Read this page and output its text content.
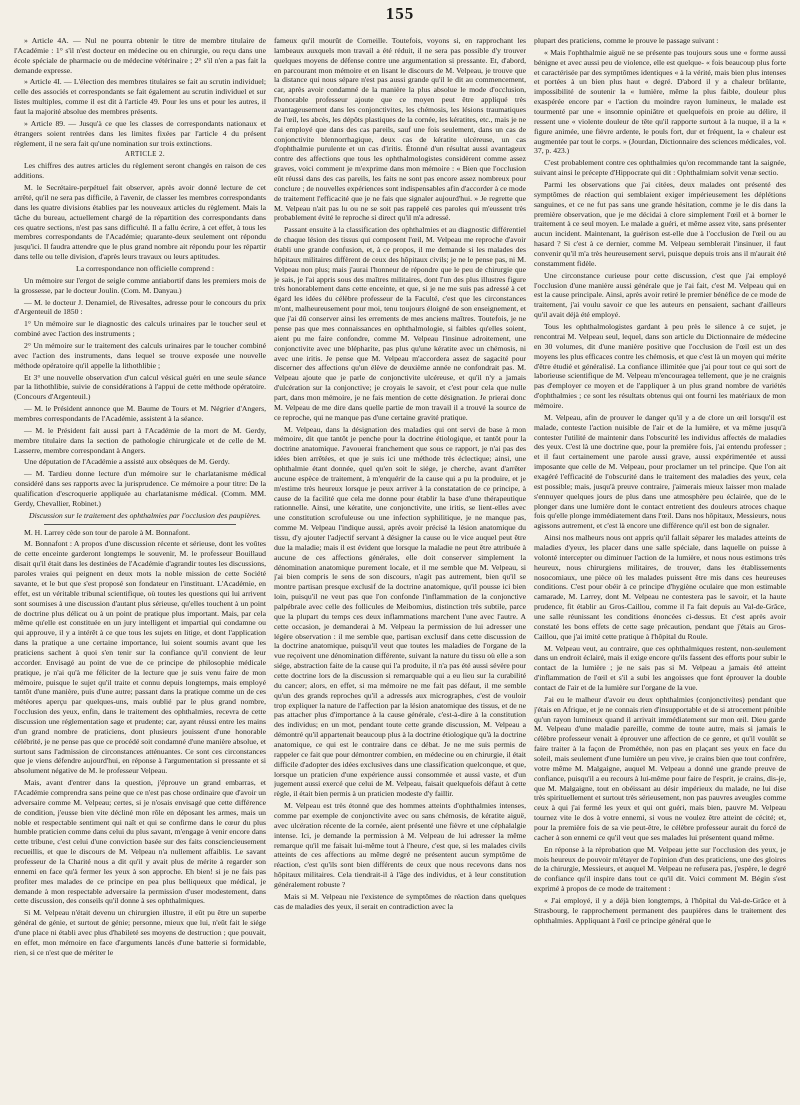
155

» Article 4A. — Nul ne pourra obtenir le titre de membre titulaire de l'Académie : 1° s'il n'est docteur en médecine ou en chirurgie, ou reçu dans une école spéciale de pharmacie ou de médecine vétérinaire ; 2° s'il n'en a pas fait la demande expresse.

» Article 4I. — L'élection des membres titulaires se fait au scrutin individuel; celle des associés et correspondants se fait également au scrutin individuel et sur listes multiples, comme il est dit à l'article 49. Pour les uns et pour les autres, il faut la majorité absolue des membres présents.

» Article 89. — Jusqu'à ce que les classes de correspondants nationaux et étrangers soient rentrées dans les limites fixées par l'article 4 du présent règlement, il ne sera fait qu'une nomination sur trois extinctions.

ARTICLE 2.

Les chiffres des autres articles du règlement seront changés en raison de ces additions.

M. le Secrétaire-perpétuel fait observer, après avoir donné lecture de cet arrêté, qu'il ne sera pas difficile, à l'avenir, de classer les membres correspondants dans les quatre divisions établies par les nouveaux articles du règlement. Mais la tâche du bureau, actuellement chargé de la répartition des correspondants dans ces quatre sections, n'est pas sans difficulté. Il a fallu écrire, à cet effet, à tous les membres correspondants de l'Académie; quarante-deux seulement ont répondu jusqu'ici. Il faudra attendre que le plus grand nombre ait répondu pour les répartir dans telle ou telle division, d'après leurs travaux ou leurs aptitudes.

La correspondance non officielle comprend :

Un mémoire sur l'ergot de seigle comme antiabortif dans les premiers mois de la grossesse, par le docteur Joulin. (Com. M. Danyau.)

— M. le docteur J. Denamiel, de Rivesaltes, adresse pour le concours du prix d'Argenteuil de 1850 :

1° Un mémoire sur le diagnostic des calculs urinaires par le toucher seul et combiné avec l'action des instruments ;

2° Un mémoire sur le traitement des calculs urinaires par le toucher combiné avec l'action des instruments, dans lequel se trouve exposée une nouvelle méthode opératoire qu'il appelle la lithothlibie ;

Et 3° une nouvelle observation d'un calcul vésical guéri en une seule séance par la lithothlibie, suivie de considérations à l'appui de cette méthode opératoire. (Concours d'Argenteuil.)

— M. le Président annonce que M. Baume de Tours et M. Négrier d'Angers, membres correspondants de l'Académie, assistent à la séance.

— M. le Président fait aussi part à l'Académie de la mort de M. Gerdy, membre titulaire dans la section de pathologie chirurgicale et de celle de M. Lasserre, membre correspondant à Angers.

Une députation de l'Académie a assisté aux obsèques de M. Gerdy.

— M. Tardieu donne lecture d'un mémoire sur le charlatanisme médical considéré dans ses rapports avec la jurisprudence. Ce mémoire a pour titre: De la qualification d'escroquerie appliquée au charlatanisme médical. (Comm. MM. Gerdy, Chevallier, Robinet.)

Discussion sur le traitement des ophthalmies par l'occlusion des paupières.

M. H. Larrey cède son tour de parole à M. Bonnafont.

M. Bonnafont : A propos d'une discussion récente et sérieuse, dont les voûtes de cette enceinte garderont longtemps le souvenir, M. le professeur Bouillaud disait qu'il était dans les destinées de l'Académie d'agrandir toutes les discussions, paroles vraies qui peignent en deux mots la noble mission de cette Société savante, et le but que s'est proposé son fondateur en l'instituant. L'Académie, en effet, est un véritable tribunal scientifique, où toutes les questions qui lui arrivent sont soumises à une discussion d'autant plus sérieuse, qu'elles touchent à un point de doctrine plus délicat ou à un point de pratique plus important. Mais, par cela même qu'elle est constituée en un jury intelligent et impartial qui condamne ou qui approuve, il y a intérêt à ce que tous les sujets en litige, et dont l'application dans la pratique a une certaine importance, lui soient soumis avant que les praticiens sachent à quoi s'en tenir sur la confiance qu'il convient de leur accorder. Envisagé au point de vue de ce principe de philosophie médicale pratique, je n'ai qu'à me féliciter de la lecture que je suis venu faire de mon mémoire, puisque le sujet qu'il traite et connu depuis longtemps, mais employé tantôt d'une manière, puis d'une autre; passant dans la pratique comme un de ces météores aperçu par quelques-uns, mais oublié par le plus grand nombre, l'occlusion des yeux, enfin, dans le traitement des ophthalmies, recevra de cette discussion une réglementation sage et prudente; car, ayant réussi entre les mains d'un grand nombre de praticiens, dont plusieurs jouissent d'une honorable célébrité, je ne pense pas que ce procédé soit condamné d'une manière absolue, et surtout sans l'admission de circonstances atténuantes. Ce sont ces circonstances que je viens défendre aujourd'hui, en réponse à l'argumentation si pressante et si absolument négative de M. le professeur Velpeau.

Mais, avant d'entrer dans la question, j'éprouve un grand embarras, et l'Académie comprendra sans peine que ce n'est pas chose ordinaire que d'avoir un adversaire comme M. Velpeau; certes, si je n'osais envisagé que cette différence de condition, j'eusse bien vite décliné mon rôle en déposant les armes, mais un noble et respectable sentiment qui naît et qui se confirme dans le cœur du plus humble praticien comme dans celui du plus savant, m'engage à venir encore dans cette tribune, c'est celui d'une conviction basée sur des faits consciencieusement recueillis, et que le discours de M. Velpeau n'a nullement affaiblis. Le savant professeur de la Charité nous a dit qu'il y avait plus de mérite à regarder son ennemi en face qu'à fermer les yeux à son approche. Eh bien! si je ne fais pas profiter mes malades de ce principe en pea plus belliqueux que médical, je demande à mon respectable adversaire la permission d'user modestement, dans cette discussion, des conseils qu'il donne à ses ophthalmiques.

Si M. Velpeau n'était devenu un chirurgien illustre, il eût pu être un superbe général de génie, et surtout de génie; personne, mieux que lui, n'eût fait le siége d'une place ni établi avec plus d'habileté ses moyens de destruction ; que pouvait, en effet, mon mémoire en face d'arguments lancés d'une batterie si formidable, rien, si ce n'est que de mériter le

fameux qu'il mourût de Corneille. Toutefois, voyons si, en rapprochant les lambeaux auxquels mon travail a été réduit, il ne sera pas possible d'y trouver quelques moyens de défense contre une argumentation si pressante. Et, d'abord, en parcourant mon mémoire et en lisant le discours de M. Velpeau, je trouve que la distance qui nous sépare n'est pas aussi grande qu'il le dit au commencement, car, après avoir condamné de la manière la plus absolue le mode d'occlusion, l'honorable professeur ajoute que ce moyen peut être appliqué très avantageusement dans les conjonctivites, les chémosis, les lésions traumatiques de l'œil, les abcès, les dépôts plastiques de la cornée, les kératites, etc., mais je ne l'ai employé que dans des cas pareils, sauf une fois seulement, dans un cas de conjonctivite blennorrhagique, deux cas de kératite ulcéreuse, un cas d'ophthalmie purulente et un cas d'iritis. Étonné d'un résultat aussi avantageux contre des affections que tous les ophthalmologistes considèrent comme assez graves, voici comment je m'exprime dans mon mémoire : « Bien que l'occlusion eût réussi dans des cas pareils, les faits ne sont pas encore assez nombreux pour conclure ; de nouvelles expériences sont indispensables afin d'accorder à ce mode de traitement l'efficacité que je ne fais que signaler aujourd'hui. » Je regrette que M. Velpeau n'ait pas lu ou ne se soit pas rappelé ces paroles qui m'eussent très probablement évité le reproche si direct qu'il m'a adressé.

Passant ensuite à la classification des ophthalmies et au diagnostic différentiel de chaque lésion des tissus qui composent l'œil, M. Velpeau me reproche d'avoir établi une grande confusion, et, à ce propos, il me demande si les malades des hôpitaux militaires diffèrent de ceux des hôpitaux civils; je ne le pense pas, ni M. Velpeau non plus; mais j'aurai l'honneur de répondre que le peu de chirurgie que je sais, je l'ai appris sous des maîtres militaires, dont l'un des plus illustres figure très honorablement dans cette enceinte, et que, si je ne me suis pas adressé à cet égard les idées du célèbre professeur de la Faculté, c'est que les circonstances m'ont, malheureusement pour moi, tenu toujours éloigné de son enseignement, et que j'ai dû conserver ainsi les errements de mes anciens maîtres. Toutefois, je ne pense pas que mes connaissances en ophthalmologie, si faibles qu'elles soient, aient pu me faire confondre, comme M. Velpeau l'insinue adroitement, une conjonctivite avec une blépharite, pas plus qu'une kératite avec un chémosis, ni avec une iritis. Je pense que M. Velpeau m'accordera assez de sagacité pour discerner des affections qu'un élève de deuxième année ne confondrait pas. M. Velpeau ajoute que je parle de conjonctivite ulcéreuse, et qu'il n'y a jamais d'ulcération sur la conjonctive; je croyais le savoir, et c'est pour cela que nulle part, dans mon mémoire, je ne fais mention de cette désignation. Je prierai donc M. Velpeau de me dire dans quelle partie de mon travail il a trouvé la source de ce reproche, qui ne manque pas d'une certaine gravité pratique.

M. Velpeau, dans la désignation des maladies qui ont servi de base à mon mémoire, dit que tantôt je penche pour la doctrine étiologique, et tantôt pour la doctrine anatomique. J'avouerai franchement que sous ce rapport, je n'ai pas des idées bien arrêtées, et que je suis ici une méthode très éclectique; ainsi, une ophthalmie étant donnée, quel qu'en soit le siége, je cherche, avant d'arrêter aucune espèce de traitement, à m'enquérir de la cause qui a pu la produire, et je m'estime très heureux lorsque je peux arriver à la constatation de ce principe, à cause de la facilité que cela me donne pour établir la base d'une thérapeutique rationnelle. Ainsi, une kératite, une conjonctivite, une iritis, se lient-elles avec une constitution scrofuleuse ou une infection syphilitique, je ne manque pas, comme M. Velpeau l'indique aussi, après avoir précisé la lésion anatomique du tissu, d'y ajouter l'adjectif servant à désigner la cause ou le vice auquel peut être due la maladie; mais il est évident que lorsque la maladie ne peut être attribuée à aucune de ces affections générales, elle doit conserver simplement la dénomination anatomique purement locale, et il me semble que M. Velpeau, si j'ai bien compris le sens de son discours, n'agit pas autrement, bien qu'il se montre partisan presque exclusif de la doctrine anatomique, qu'il pousse ici bien loin, puisqu'il ne veut pas que l'on confonde l'inflammation de la conjonctive palpébrale avec celle des follicules de Meibomius, distinction très subtile, parce que la plupart du temps ces deux inflammations marchent l'une avec l'autre. A cette occasion, je demanderai à M. Velpeau la permission de lui adresser une légère observation : il me semble que, partisan exclusif dans cette discussion de la doctrine anatomique, puisqu'il veut que toutes les maladies de l'organe de la vue reçoivent une dénomination différente, suivant la nature du tissu où elle a son siége, abstraction faite de la cause qui l'a produite, il n'a pas été aussi sévère pour cette doctrine lors de la discussion si remarquable qui a eu lieu sur la curabilité du cancer; alors, en effet, si ma mémoire ne me fait pas défaut, il me semble qu'un des grands reproches qu'il a adressés aux micrographes, c'est de vouloir trop expliquer la nature de l'affection par la lésion anatomique des tissus, et de ne pas attacher plus d'importance à la cause générale, c'est-à-dire à la constitution des individus; en un mot, pendant toute cette grande discussion, M. Velpeau a démontré qu'il appartenait beaucoup plus à la doctrine étiologique qu'à la doctrine anatomique, ce qui est le contraire dans ce débat. Je ne me suis permis de rappeler ce fait que pour démontrer combien, en médecine ou en chirurgie, il était difficile d'adopter des idées exclusives dans une classification quelconque, et que, lorsque un praticien d'une expérience aussi consommée et aussi vaste, et d'un jugement aussi exercé que celui de M. Velpeau, faisait quelquefois défaut à cette règle, il était bien permis à un praticien modeste d'y faillir.

M. Velpeau est très étonné que des hommes atteints d'ophthalmies intenses, comme par exemple de conjonctivite avec ou sans chémosis, de kératite aiguë, avec ulcération récente de la cornée, aient présenté une fièvre et une céphalalgie intense. Ici, je demande la permission à M. Velpeau de lui adresser la même remarque qu'il me faisait lui-même tout à l'heure, c'est que, si les malades civils atteints de ces affections au même degré ne présentent aucun symptôme de réaction, c'est qu'ils sont bien différents de ceux que nous recevons dans nos hôpitaux militaires. Cela tiendrait-il à l'âge des individus, et à leur constitution généralement robuste ?

Mais si M. Velpeau nie l'existence de symptômes de réaction dans quelques cas de maladies des yeux, il serait en contradiction avec la

plupart des praticiens, comme le prouve le passage suivant :

« Mais l'ophthalmie aiguë ne se présente pas toujours sous une « forme aussi bénigne et avec aussi peu de violence, elle est quelque- « fois beaucoup plus forte et caractérisée par des symptômes identiques « à la vérité, mais bien plus intenses et portées à un bien plus haut « degré. D'abord il y a chaleur brûlante, impossibilité de soutenir la « lumière, même la plus faible, douleur plus exaspérée encore par « l'action du moindre rayon lumineux, le malade est tourmenté par une « insomnie opiniâtre et quelquefois en proie au délire, il ressent une « violente douleur de tête qu'il rapporte surtout à la nuque, il a la « figure animée, une fièvre ardente, le pouls fort, dur et fréquent, la « chaleur est augmentée par tout le corps. » (Jourdan, Dictionnaire des sciences médicales, vol. 37, p. 423.)

C'est probablement contre ces ophthalmies qu'on recommande tant la saignée, suivant ainsi le précepte d'Hippocrate qui dit : Ophthalmiam solvit venæ sectio.

Parmi les observations que j'ai citées, deux malades ont présenté des symptômes de réaction qui semblaient exiger impérieusement les déplétions sanguines, et ce ne fut pas sans une grande hésitation, comme je le dis dans la première observation, que je me décidai à clore simplement l'œil et à borner le traitement à ce seul moyen. Le malade a guéri, et même assez vite, sans présenter aucun incident. Maintenant, la guérison est-elle due à l'occlusion de l'œil ou au hasard ? Si c'est à ce dernier, comme M. Velpeau semblerait l'insinuer, il faut convenir qu'il m'a très heureusement servi, puisque depuis trois ans il m'aurait été constamment fidèle.

Une circonstance curieuse pour cette discussion, c'est que j'ai employé l'occlusion d'une manière aussi générale que je l'ai fait, c'est M. Velpeau qui en est la cause principale. Ainsi, après avoir retiré le premier bénéfice de ce mode de traitement, j'ai voulu savoir ce que les auteurs en pensaient, sachant d'ailleurs qu'il avait déjà été employé.

Tous les ophthalmologistes gardant à peu près le silence à ce sujet, je rencontrai M. Velpeau seul, lequel, dans son article du Dictionnaire de médecine en 30 volumes, dit d'une manière positive que l'occlusion de l'œil est un des moyens les plus efficaces contre les chémosis, et que c'est là un moyen qui mérite d'être étudié et généralisé. La confiance illimitée que j'ai pour tout ce qui sort de laborieuse scientifique de M. Velpeau m'encouragea tellement, que je ne craignis pas d'employer ce moyen et de l'appliquer à un plus grand nombre de variétés d'ophthalmies ; ce sont les résultats obtenus qui ont fourni les matériaux de mon mémoire.

M. Velpeau, afin de prouver le danger qu'il y a de clore un œil lorsqu'il est malade, conteste l'action nuisible de l'air et de la lumière, et va même jusqu'à contester l'utilité de maintenir dans l'obscurité les individus affectés de maladies des yeux. C'est là une doctrine que, pour la première fois, j'ai entendu professer ; et il faut certainement une parole aussi grave, aussi expérimentée et aussi imposante que celle de M. Velpeau, pour proclamer un tel principe. Que l'on ait exagéré l'efficacité de l'obscurité dans le traitement des maladies des yeux, cela est possible; mais, jusqu'à preuve contraire, j'aimerais mieux laisser mon malade s'ennuyer quelques jours de plus dans une atmosphère peu éclairée, que de le plonger dans une lumière dont le contact entretient des douleurs atroces chaque fois qu'elle plonge immédiatement dans l'œil. Dans nos hôpitaux, Messieurs, nous agissons autrement, et c'est là encore une différence qu'il est bon de signaler.

Ainsi nos malheurs nous ont appris qu'il fallait séparer les malades atteints de maladies d'yeux, les placer dans une salle spéciale, dans laquelle on puisse à volonté intercepter ou diminuer l'action de la lumière, et nous nous estimons très heureux, nous chirurgiens militaires, de trouver, dans les établissements nosocomiaux, une pièce où les malades puissent être mis dans ces heureuses conditions. C'est pour obéir à ce principe d'hygiène oculaire que mon estimable camarade, M. Larrey, dont M. Velpeau ne contestera pas le savoir, et la haute prudence, fit établir au Gros-Caillou, comme il l'a fait depuis au Val-de-Grâce, une salle réunissant les conditions énoncées ci-dessus. Et c'est après avoir constaté les bons effets de cette sage précaution, pendant que j'étais au Gros-Caillou, que j'ai imité cette pratique à l'hôpital du Roule.

M. Velpeau veut, au contraire, que ces ophthalmiques restent, non-seulement dans un endroit éclairé, mais il exige encore qu'ils fassent des efforts pour subir le contact de la lumière ; je ne sais pas si M. Velpeau a jamais été atteint d'inflammation de l'œil et s'il a subi les angoisses que font éprouver la double contact de l'air et de la lumière sur l'organe de la vue.

J'ai eu le malheur d'avoir eu deux ophthalmies (conjonctivites) pendant que j'étais en Afrique, et je ne connais rien d'insupportable et de si atrocement pénible qu'un rayon lumineux quand il arrivait immédiatement sur mon œil. Dieu garde M. Velpeau d'une maladie pareille, comme de toute autre, mais si jamais le célèbre professeur venait à éprouver une affection de ce genre, et qu'il voulût se faire traiter à la façon de Prométhée, non pas en plaçant ses yeux en face du soleil, mais seulement d'une lumière un peu vive, je crains bien que tout confrère, votre même M. Malgaigne, auquel M. Velpeau a donné une grande preuve de confiance, puisqu'il a eu recours à lui-même pour faire de l'esprit, je crains, dis-je, que M. Malgaigne, tout en obéissant au désir impérieux du malade, ne lui dise très spirituellement et surtout très sérieusement, non pas pauvres aveugles comme ceux à qui j'ai fermé les yeux et qui ont guéri, mais bien, pauvre M. Velpeau tournez vite le dos à votre ennemi, si vous ne voulez être atteint de cécité; et, pour la première fois de sa vie peut-être, le célèbre professeur aurait du forcé de cacher à son ennemi ce qu'il veut que ses malades lui présentent quand même.

En réponse à la réprobation que M. Velpeau jette sur l'occlusion des yeux, je mois heureux de pouvoir m'étayer de l'opinion d'un des praticiens, une des gloires de la chirurgie, Messieurs, et auquel M. Velpeau ne refusera pas, j'espère, le degré de confiance qu'il inspire dans tout ce qu'il dit. Voici comment M. Bégin s'est exprimé à propos de ce mode de traitement :

« J'ai employé, il y a déjà bien longtemps, à l'hôpital du Val-de-Grâce et à Strasbourg, le rapprochement permanent des paupières dans le traitement des ophthalmies. Appliquant à l'œil ce principe général que le
